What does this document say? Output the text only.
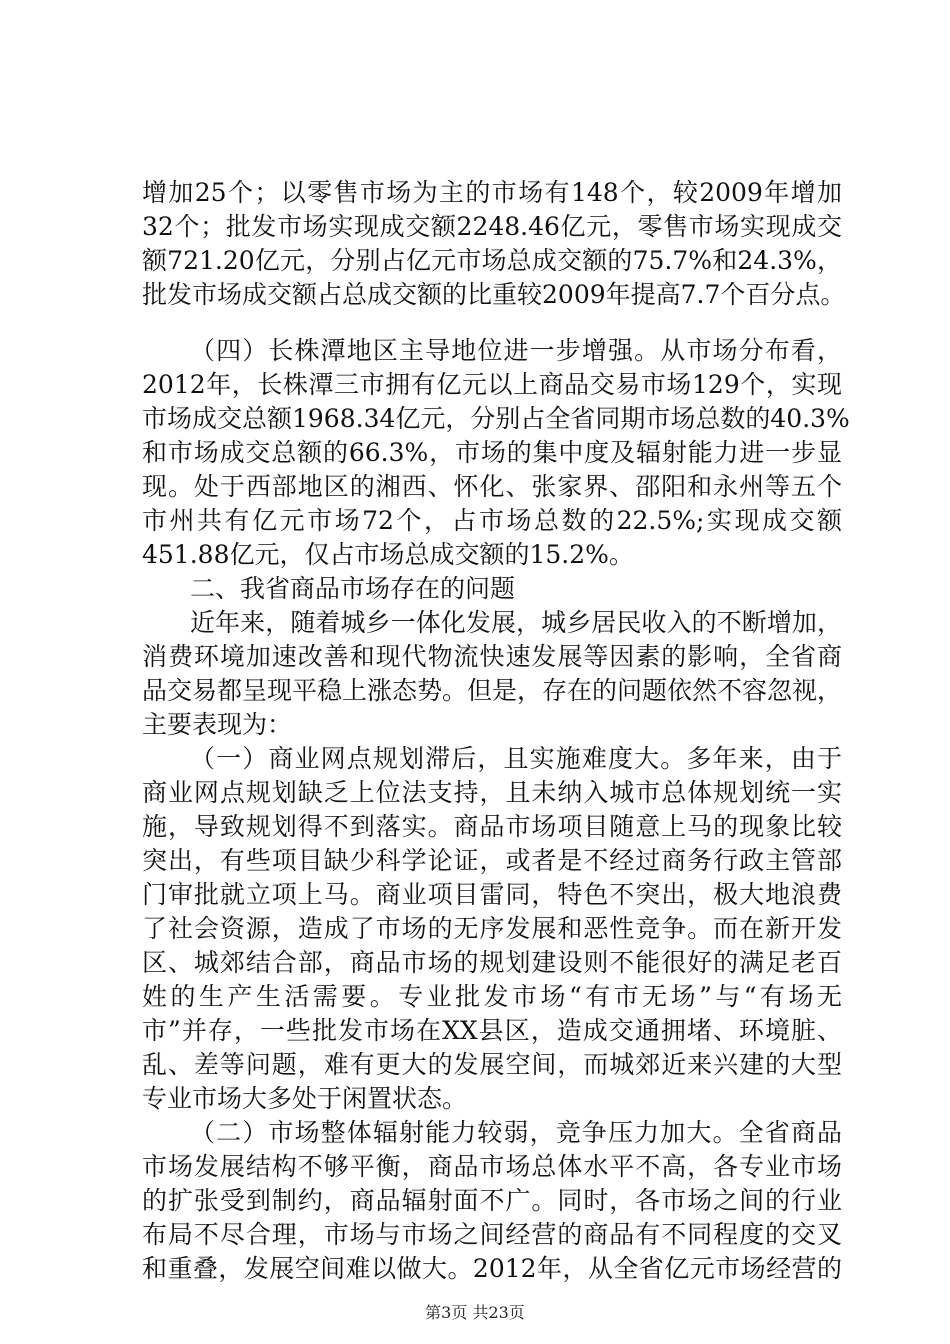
增加25个；以零售市场为主的市场有148个，较2009年增加
32个；批发市场实现成交额2248.46亿元，零售市场实现成交
额721.20亿元，分别占亿元市场总成交额的75.7%和24.3%，
批发市场成交额占总成交额的比重较2009年提高7.7个百分点。
（四）长株潭地区主导地位进一步增强。从市场分布看，
2012年，长株潭三市拥有亿元以上商品交易市场129个，实现
市场成交总额1968.34亿元，分别占全省同期市场总数的40.3%
和市场成交总额的66.3%，市场的集中度及辐射能力进一步显
现。处于西部地区的湘西、怀化、张家界、邵阳和永州等五个
市州共有亿元市场72个，占市场总数的22.5%;实现成交额
451.88亿元，仅占市场总成交额的15.2%。
二、我省商品市场存在的问题
近年来，随着城乡一体化发展，城乡居民收入的不断增加，
消费环境加速改善和现代物流快速发展等因素的影响，全省商
品交易都呈现平稳上涨态势。但是，存在的问题依然不容忽视，
主要表现为：
（一）商业网点规划滞后，且实施难度大。多年来，由于
商业网点规划缺乏上位法支持，且未纳入城市总体规划统一实
施，导致规划得不到落实。商品市场项目随意上马的现象比较
突出，有些项目缺少科学论证，或者是不经过商务行政主管部
门审批就立项上马。商业项目雷同，特色不突出，极大地浪费
了社会资源，造成了市场的无序发展和恶性竞争。而在新开发
区、城郊结合部，商品市场的规划建设则不能很好的满足老百
姓的生产生活需要。专业批发市场“有市无场”与“有场无
市”并存，一些批发市场在XX县区，造成交通拥堵、环境脏、
乱、差等问题，难有更大的发展空间，而城郊近来兴建的大型
专业市场大多处于闲置状态。
（二）市场整体辐射能力较弱，竞争压力加大。全省商品
市场发展结构不够平衡，商品市场总体水平不高，各专业市场
的扩张受到制约，商品辐射面不广。同时，各市场之间的行业
布局不尽合理，市场与市场之间经营的商品有不同程度的交叉
和重叠，发展空间难以做大。2012年，从全省亿元市场经营的
第3页 共23页
